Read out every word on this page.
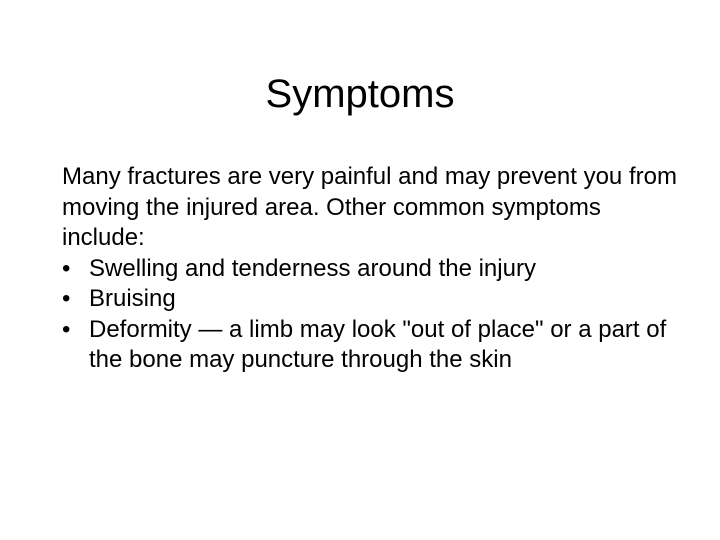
Symptoms

Many fractures are very painful and may prevent you from moving the injured area. Other common symptoms include:

• Swelling and tenderness around the injury
• Bruising
• Deformity — a limb may look "out of place" or a part of the bone may puncture through the skin
